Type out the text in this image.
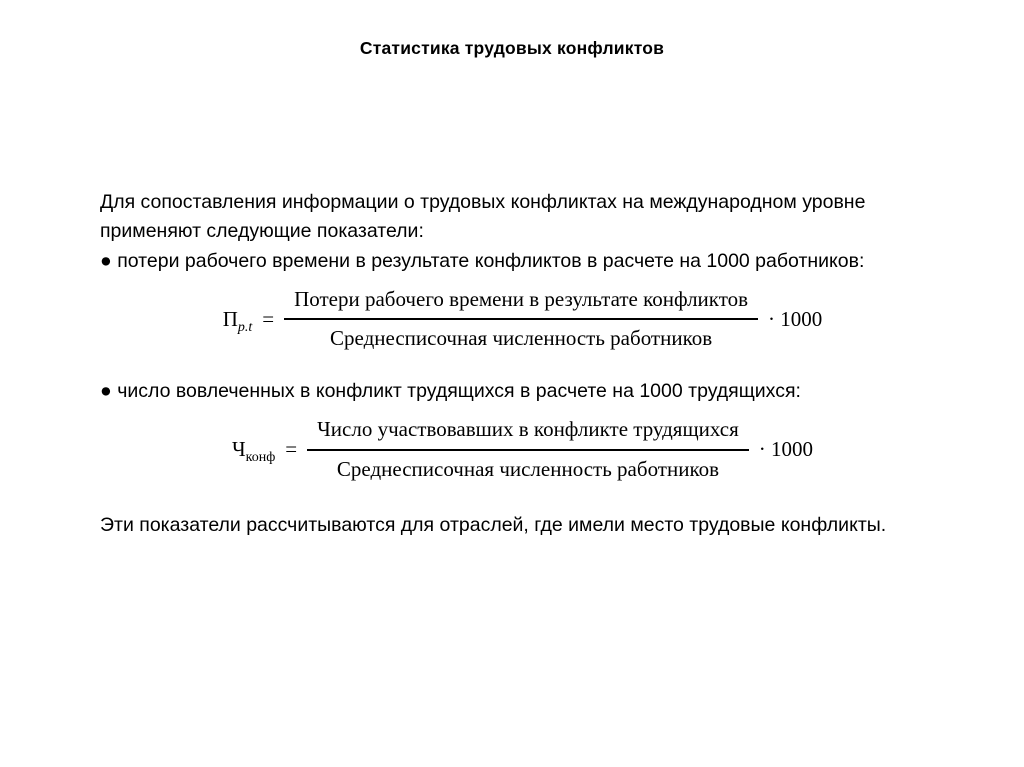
Статистика трудовых конфликтов

Для сопоставления информации о трудовых конфликтах на международном уровне применяют следующие показатели:

● потери рабочего времени в результате конфликтов в расчете на 1000 работников:

$П_{p.t} = \frac{\text{Потери рабочего времени в результате конфликтов}}{\text{Среднесписочная численность работников}} \cdot 1000$

● число вовлеченных в конфликт трудящихся в расчете на 1000 трудящихся:

$Ч_{конф} = \frac{\text{Число участвовавших в конфликте трудящихся}}{\text{Среднесписочная численность работников}} \cdot 1000$

Эти показатели рассчитываются для отраслей, где имели место трудовые конфликты.
